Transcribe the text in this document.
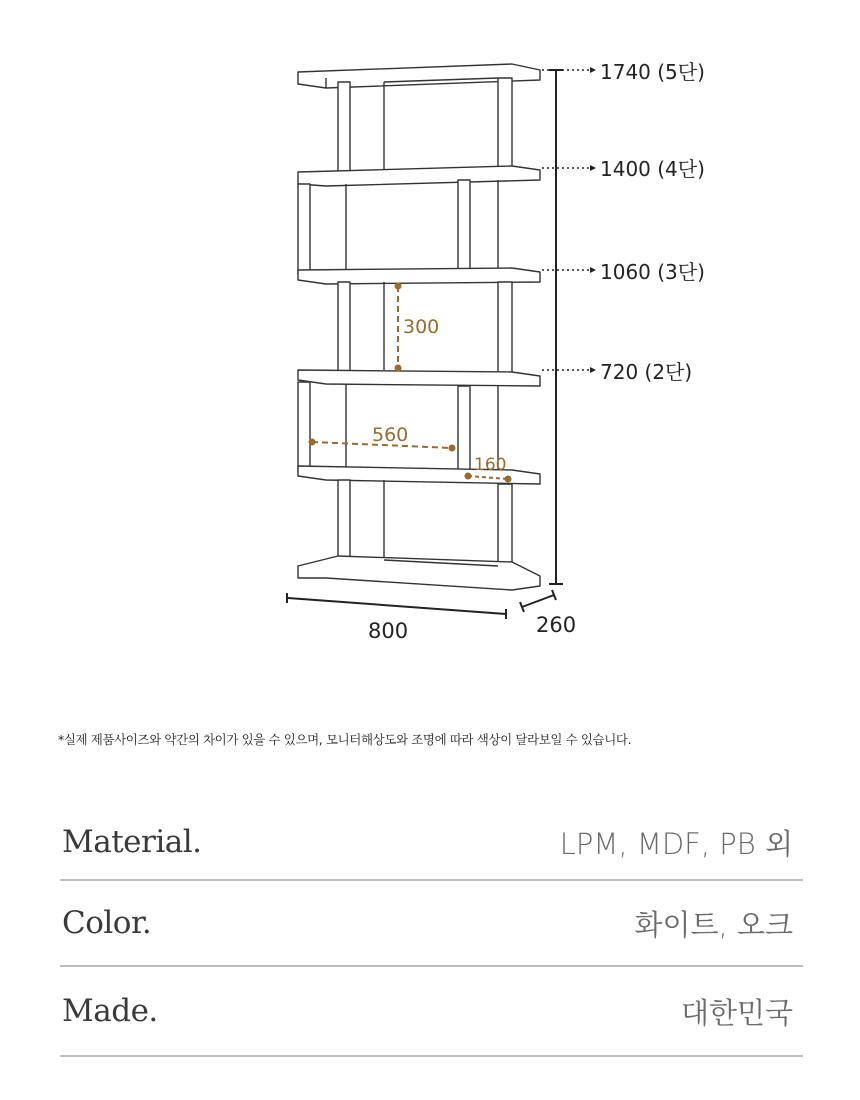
1740 (5단)
1400 (4단)
1060 (3단)
720 (2단)
300
560
160
800	260
*실제 제품사이즈와 약간의 차이가 있을 수 있으며, 모니터해상도와 조명에 따라 색상이 달라보일 수 있습니다.
Material.	LPM, MDF, PB 외
Color.	화이트, 오크
Made.	대한민국
